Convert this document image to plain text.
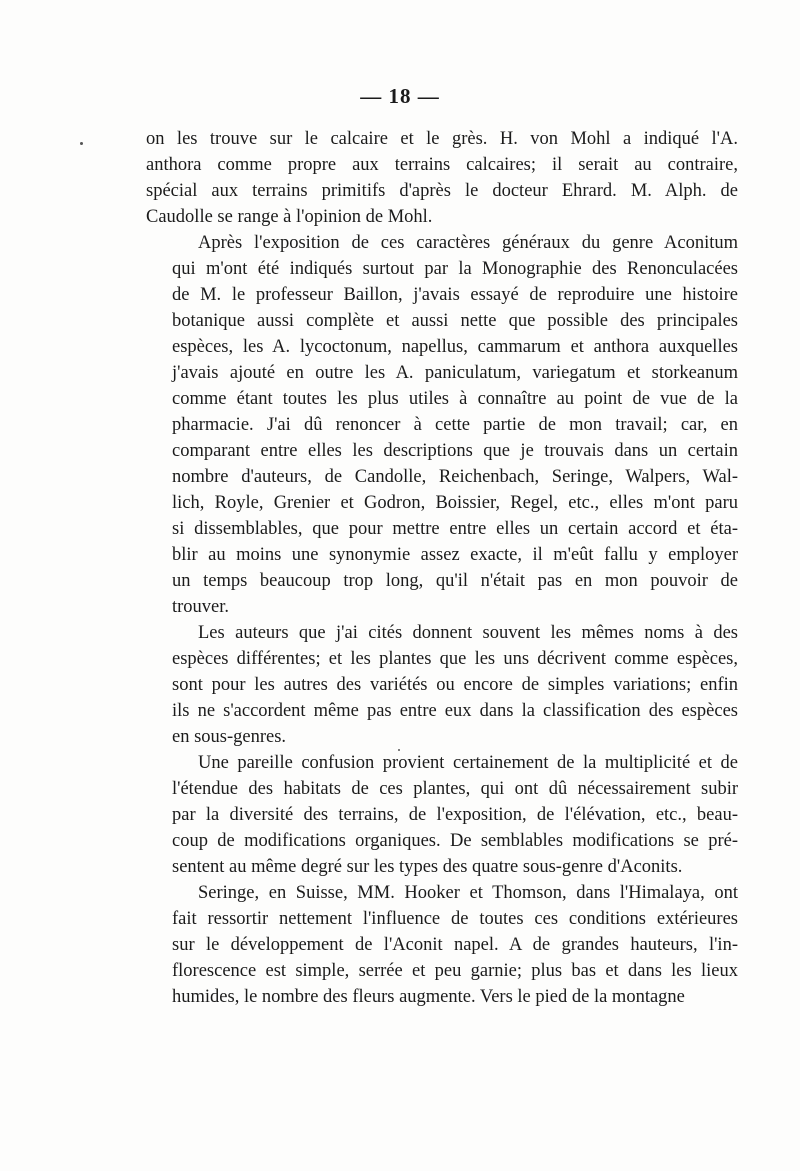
— 18 —
on les trouve sur le calcaire et le grès. H. von Mohl a indiqué l'A.
anthora comme propre aux terrains calcaires; il serait au contraire,
spécial aux terrains primitifs d'après le docteur Ehrard. M. Alph. de
Caudolle se range à l'opinion de Mohl.
Après l'exposition de ces caractères généraux du genre Aconitum
qui m'ont été indiqués surtout par la Monographie des Renonculacées
de M. le professeur Baillon, j'avais essayé de reproduire une histoire
botanique aussi complète et aussi nette que possible des principales
espèces, les A. lycoctonum, napellus, cammarum et anthora auxquelles
j'avais ajouté en outre les A. paniculatum, variegatum et storkeanum
comme étant toutes les plus utiles à connaître au point de vue de la
pharmacie. J'ai dû renoncer à cette partie de mon travail; car, en
comparant entre elles les descriptions que je trouvais dans un certain
nombre d'auteurs, de Candolle, Reichenbach, Seringe, Walpers, Wal-
lich, Royle, Grenier et Godron, Boissier, Regel, etc., elles m'ont paru
si dissemblables, que pour mettre entre elles un certain accord et éta-
blir au moins une synonymie assez exacte, il m'eût fallu y employer
un temps beaucoup trop long, qu'il n'était pas en mon pouvoir de
trouver.
Les auteurs que j'ai cités donnent souvent les mêmes noms à des
espèces différentes; et les plantes que les uns décrivent comme espèces,
sont pour les autres des variétés ou encore de simples variations; enfin
ils ne s'accordent même pas entre eux dans la classification des espèces
en sous-genres.
Une pareille confusion provient certainement de la multiplicité et de
l'étendue des habitats de ces plantes, qui ont dû nécessairement subir
par la diversité des terrains, de l'exposition, de l'élévation, etc., beau-
coup de modifications organiques. De semblables modifications se pré-
sentent au même degré sur les types des quatre sous-genre d'Aconits.
Seringe, en Suisse, MM. Hooker et Thomson, dans l'Himalaya, ont
fait ressortir nettement l'influence de toutes ces conditions extérieures
sur le développement de l'Aconit napel. A de grandes hauteurs, l'in-
florescence est simple, serrée et peu garnie; plus bas et dans les lieux
humides, le nombre des fleurs augmente. Vers le pied de la montagne
